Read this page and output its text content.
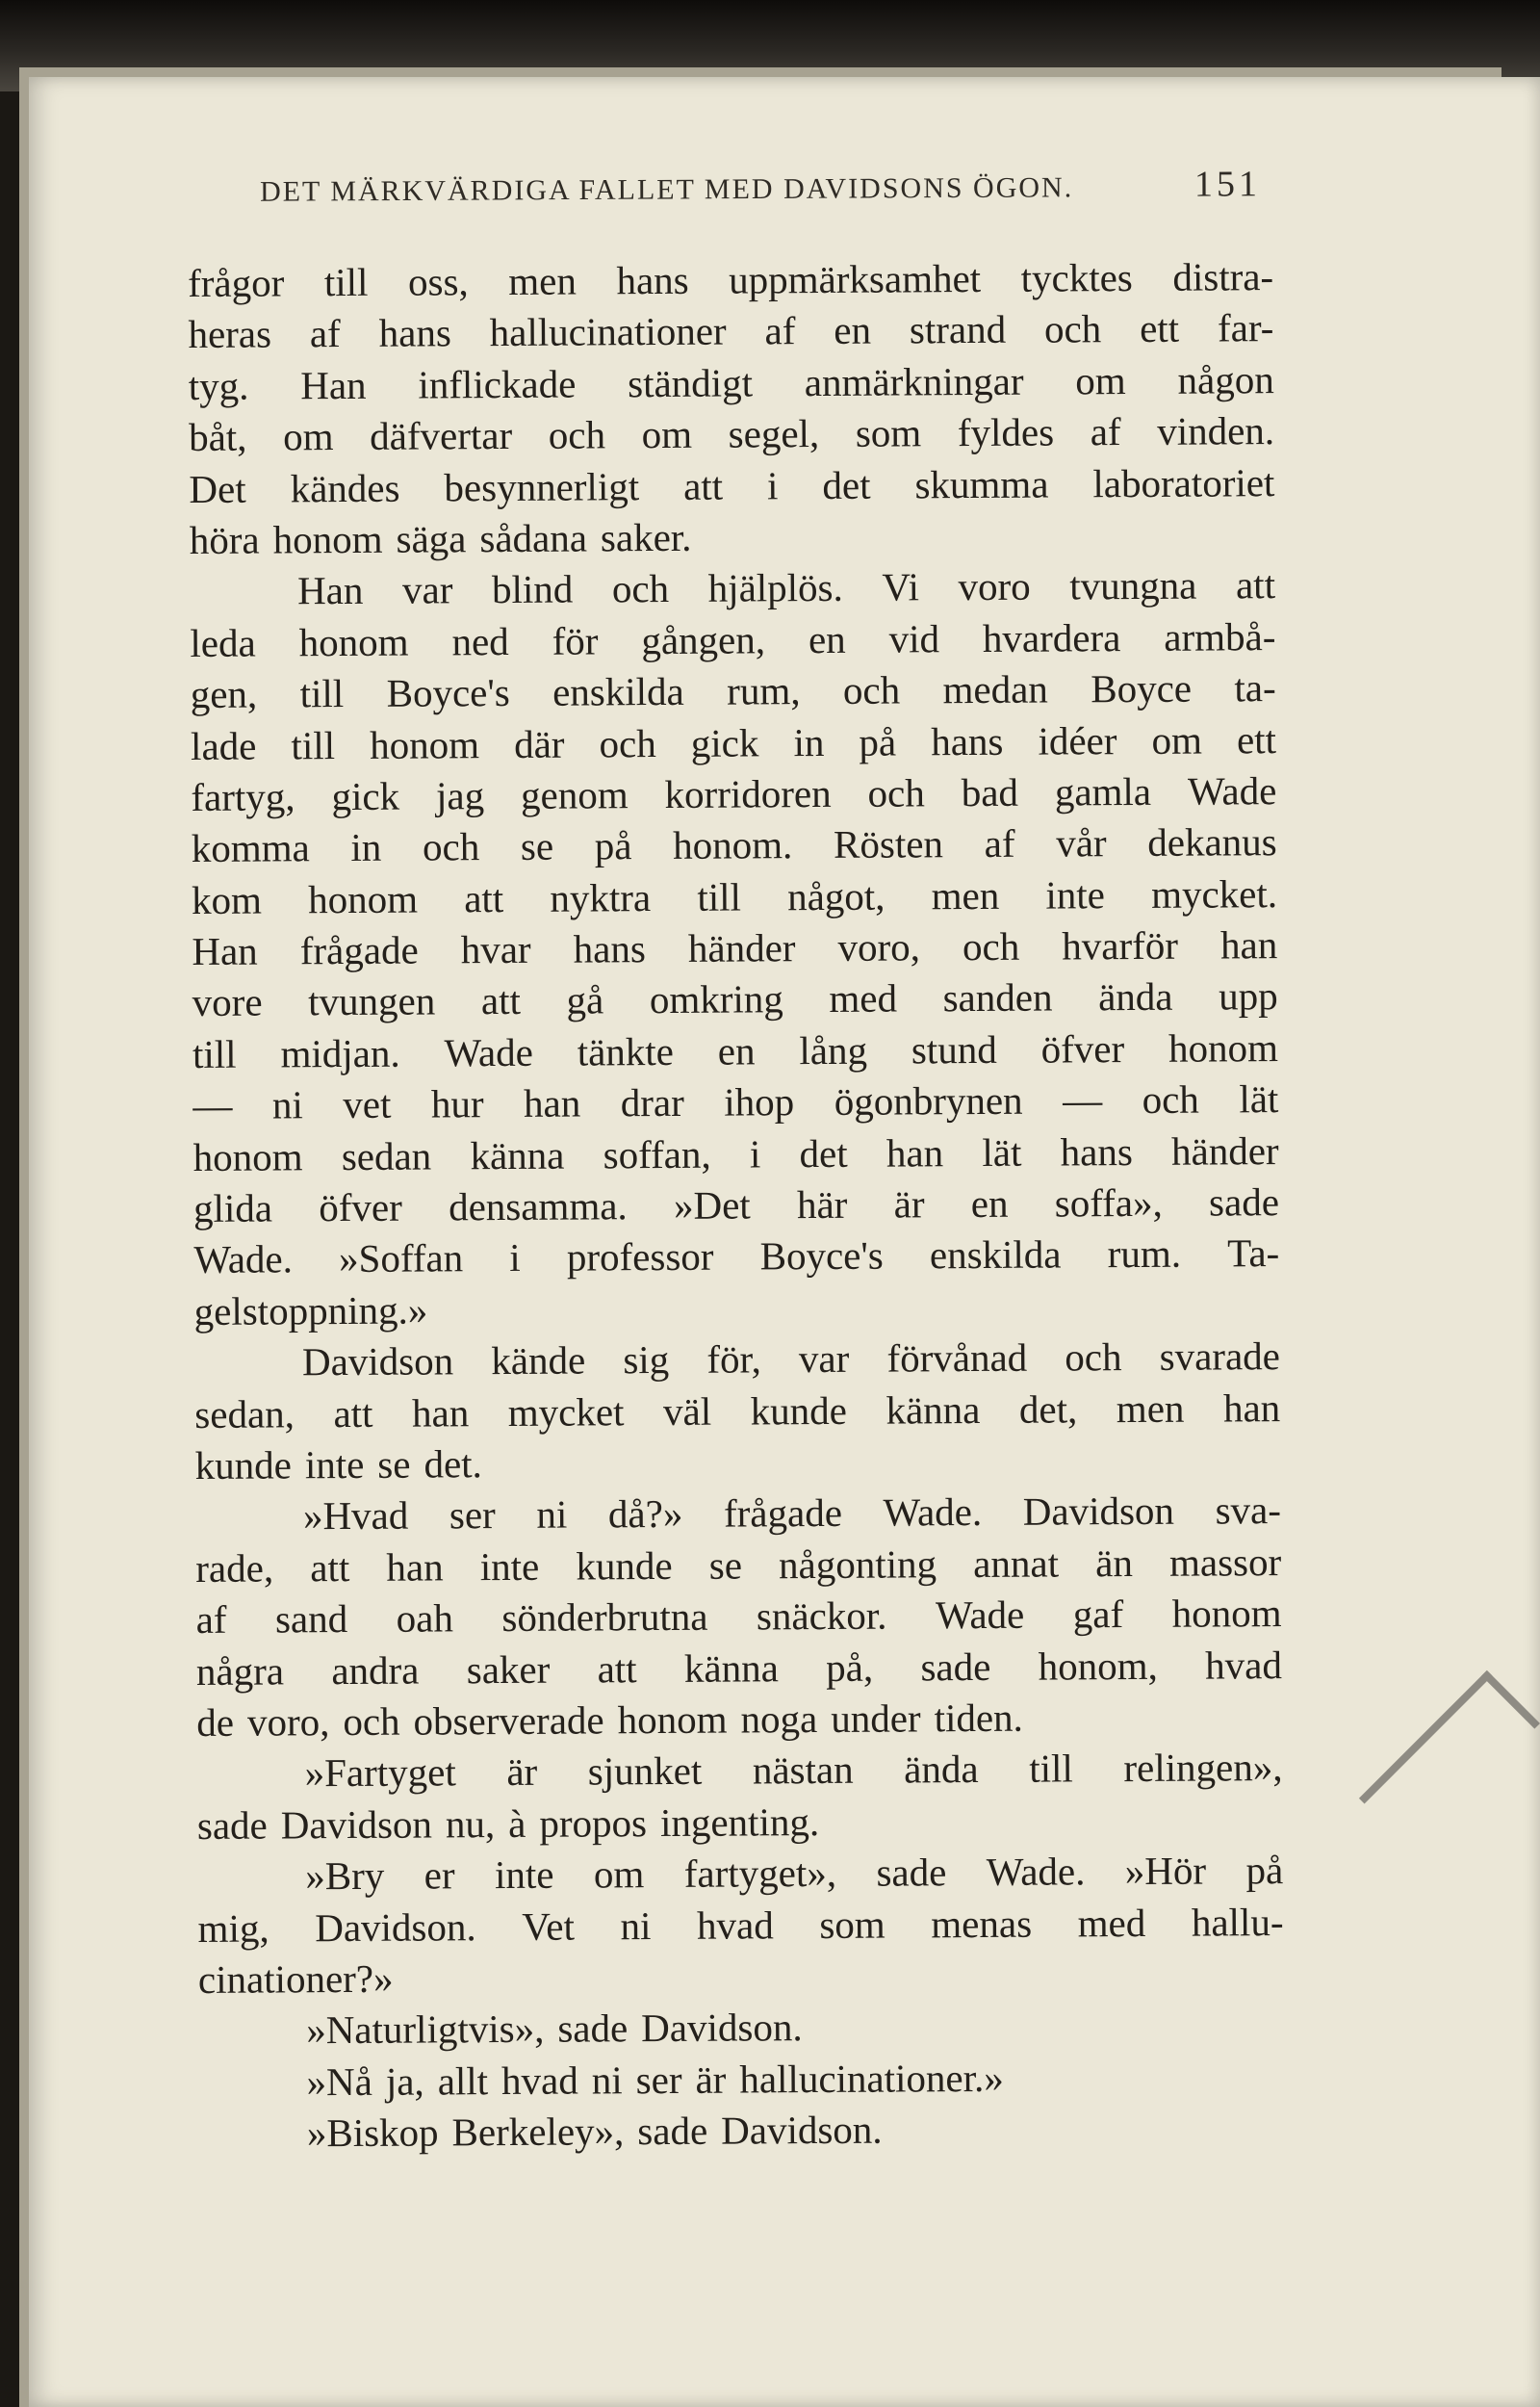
DET MÄRKVÄRDIGA FALLET MED DAVIDSONS ÖGON.	151
frågor till oss, men hans uppmärksamhet tycktes distra-
heras af hans hallucinationer af en strand och ett far-
tyg. Han inflickade ständigt anmärkningar om någon
båt, om däfvertar och om segel, som fyldes af vinden.
Det kändes besynnerligt att i det skumma laboratoriet
höra honom säga sådana saker.
Han var blind och hjälplös. Vi voro tvungna att
leda honom ned för gången, en vid hvardera armbå-
gen, till Boyce's enskilda rum, och medan Boyce ta-
lade till honom där och gick in på hans idéer om ett
fartyg, gick jag genom korridoren och bad gamla Wade
komma in och se på honom. Rösten af vår dekanus
kom honom att nyktra till något, men inte mycket.
Han frågade hvar hans händer voro, och hvarför han
vore tvungen att gå omkring med sanden ända upp
till midjan. Wade tänkte en lång stund öfver honom
— ni vet hur han drar ihop ögonbrynen — och lät
honom sedan känna soffan, i det han lät hans händer
glida öfver densamma. »Det här är en soffa», sade
Wade. »Soffan i professor Boyce's enskilda rum. Ta-
gelstoppning.»
Davidson kände sig för, var förvånad och svarade
sedan, att han mycket väl kunde känna det, men han
kunde inte se det.
»Hvad ser ni då?» frågade Wade. Davidson sva-
rade, att han inte kunde se någonting annat än massor
af sand oah sönderbrutna snäckor. Wade gaf honom
några andra saker att känna på, sade honom, hvad
de voro, och observerade honom noga under tiden.
»Fartyget är sjunket nästan ända till relingen»,
sade Davidson nu, à propos ingenting.
»Bry er inte om fartyget», sade Wade. »Hör på
mig, Davidson. Vet ni hvad som menas med hallu-
cinationer?»
»Naturligtvis», sade Davidson.
»Nå ja, allt hvad ni ser är hallucinationer.»
»Biskop Berkeley», sade Davidson.
